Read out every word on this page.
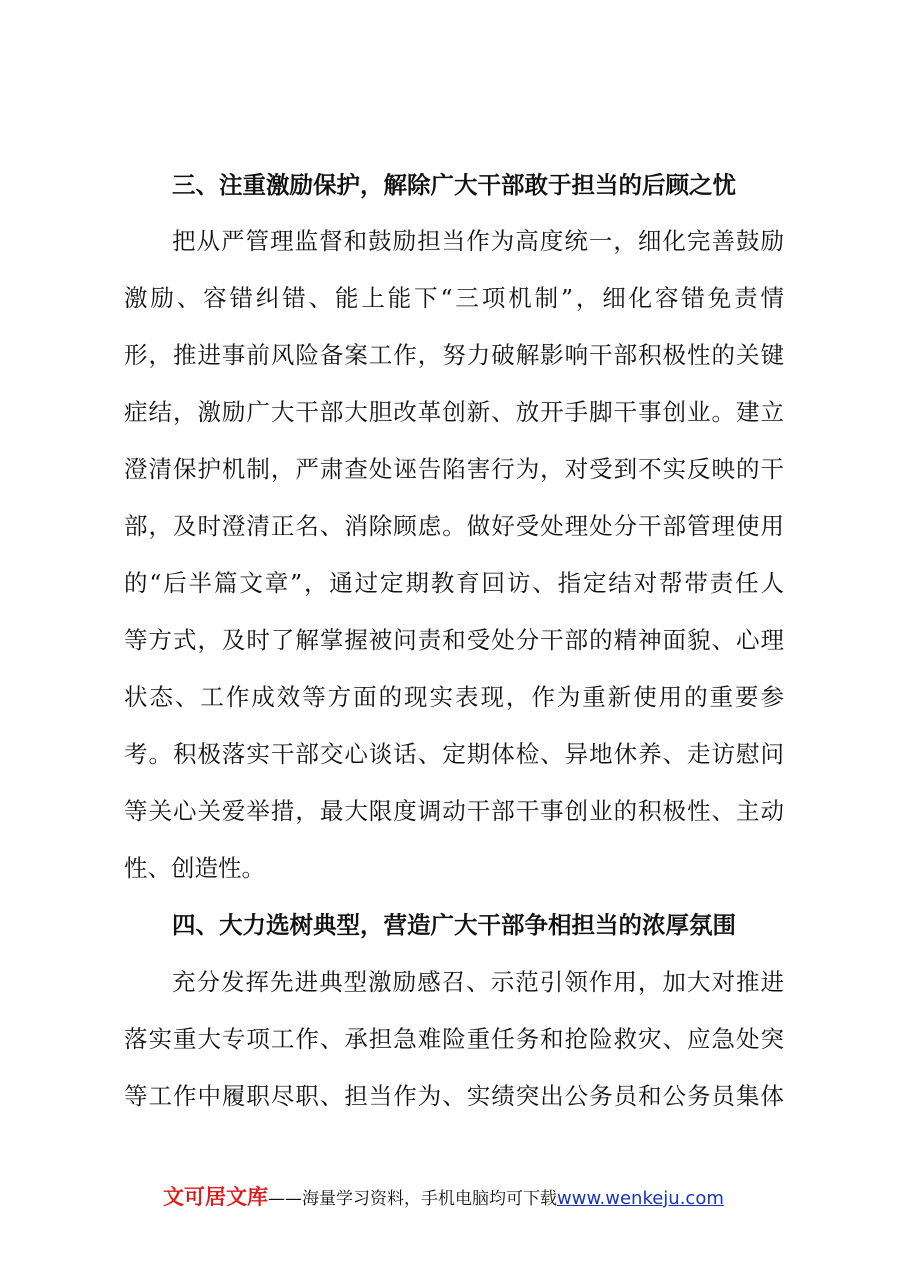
三、注重激励保护，解除广大干部敢于担当的后顾之忧

把从严管理监督和鼓励担当作为高度统一，细化完善鼓励

激励、容错纠错、能上能下“三项机制”，细化容错免责情

形，推进事前风险备案工作，努力破解影响干部积极性的关键

症结，激励广大干部大胆改革创新、放开手脚干事创业。建立

澄清保护机制，严肃查处诬告陷害行为，对受到不实反映的干

部，及时澄清正名、消除顾虑。做好受处理处分干部管理使用

的“后半篇文章”，通过定期教育回访、指定结对帮带责任人

等方式，及时了解掌握被问责和受处分干部的精神面貌、心理

状态、工作成效等方面的现实表现，作为重新使用的重要参

考。积极落实干部交心谈话、定期体检、异地休养、走访慰问

等关心关爱举措，最大限度调动干部干事创业的积极性、主动

性、创造性。

四、大力选树典型，营造广大干部争相担当的浓厚氛围

充分发挥先进典型激励感召、示范引领作用，加大对推进

落实重大专项工作、承担急难险重任务和抢险救灾、应急处突

等工作中履职尽职、担当作为、实绩突出公务员和公务员集体

文可居文库——海量学习资料，手机电脑均可下载www.wenkeju.com
